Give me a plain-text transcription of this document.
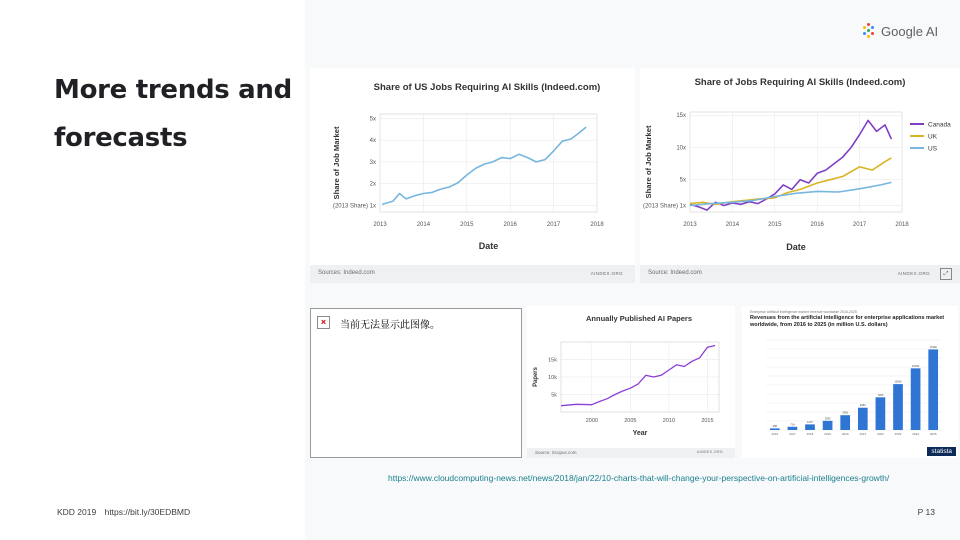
More trends and forecasts
Google AI
Share of US Jobs Requiring AI Skills (Indeed.com)
2013	2014	2015	2016	2017	2018
(2013 Share) 1x
2x
3x
4x
5x
Date
Share of Job Market
Sources: Indeed.com	AINDEX.ORG
Share of Jobs Requiring AI Skills (Indeed.com)
2013	2014	2015	2016	2017	2018
(2013 Share) 1x
5x
10x
15x
Date
Share of Job Market
Canada
UK
US
Source: Indeed.com	AINDEX.ORG	⤢
×	当前无法显示此图像。
Annually Published AI Papers
2000	2005	2010	2015
5k
10k
15k
Year
Papers
Source: Scopus.com	AINDEX.ORG
Enterprise artificial intelligence market revenue worldwide 2016-2025
Revenues from the artificial intelligence for enterprise applications market worldwide, from 2016 to 2025 (in million U.S. dollars)
2016
358
2017
714
2018
1247
2019
2043
2020
3290
2021
4950
2022
7260
2023
10200
2024
13700
2025
17900
statista
https://www.cloudcomputing-news.net/news/2018/jan/22/10-charts-that-will-change-your-perspective-on-artificial-intelligences-growth/
KDD 2019 https://bit.ly/30EDBMD	P 13
